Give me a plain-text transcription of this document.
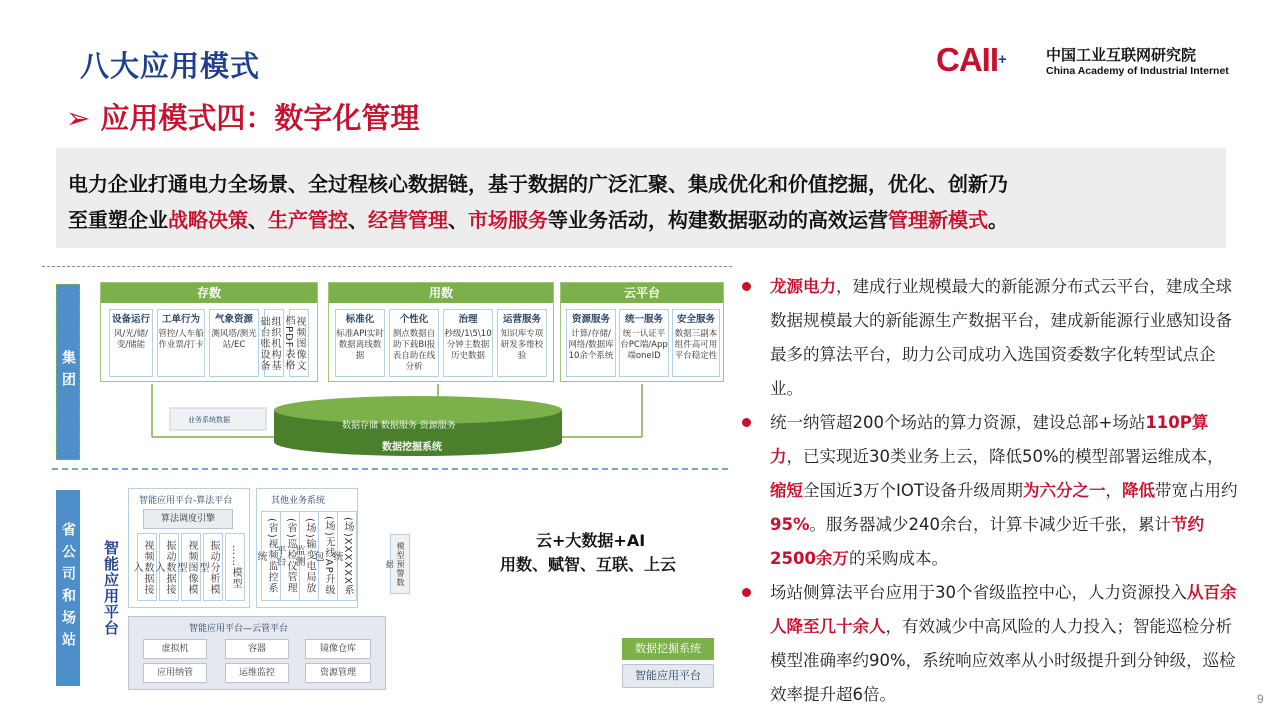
八大应用模式	CAII+	中国工业互联网研究院
China Academy of Industrial Internet
➢ 应用模式四：数字化管理

电力企业打通电力全场景、全过程核心数据链，基于数据的广泛汇聚、集成优化和价值挖掘，优化、创新乃

至重塑企业战略决策、生产管控、经营管理、市场服务等业务活动，构建数据驱动的高效运营管理新模式。

集团
存数
设备运行
风/光/储/变/储能
工单行为
管控/人车船作业票/打卡
气象资源
测风塔/测光站/EC	组织机构基础台账设备	视频图像文档PDF表格
用数
标准化
标准API实时数据离线数据
个性化
测点数据自助下载BI报表自助在线分析
治理
秒级/1\5\10分钟主数据历史数据
运营服务
知识库专项研发多维校验
云平台
资源服务
计算/存储/网络/数据库10余个系统
统一服务
统一认证平台PC端/App端oneID
安全服务
数据三副本组件高可用平台稳定性
业务系统数据
数据存储 数据服务 资源服务
数据挖掘系统
省公司和场站 智能应用平台
智能应用平台-算法平台
算法调度引擎
视频数据接入	振动数据接入	视频图像模型	振动分析模型	……模型
其他业务系统
(省)视频监控系统	(省)巡检仪管理平台	(场)输变电局放监测	(场)无线AP升级包	(场)XXXXXX系统	模型预警数据
智能应用平台—云管平台
虚拟机	容器	镜像仓库
应用纳管	运维监控	资源管理
云+大数据+AI
用数、赋智、互联、上云
数据挖掘系统
智能应用平台
龙源电力，建成行业规模最大的新能源分布式云平台，建成全球数据规模最大的新能源生产数据平台，建成新能源行业感知设备最多的算法平台，助力公司成功入选国资委数字化转型试点企业。
统一纳管超200个场站的算力资源，建设总部+场站110P算力，已实现近30类业务上云，降低50%的模型部署运维成本，缩短全国近3万个IOT设备升级周期为六分之一，降低带宽占用约95%。服务器减少240余台，计算卡减少近千张，累计节约2500余万的采购成本。
场站侧算法平台应用于30个省级监控中心，人力资源投入从百余人降至几十余人，有效减少中高风险的人力投入；智能巡检分析模型准确率约90%，系统响应效率从小时级提升到分钟级，巡检效率提升超6倍。	9
